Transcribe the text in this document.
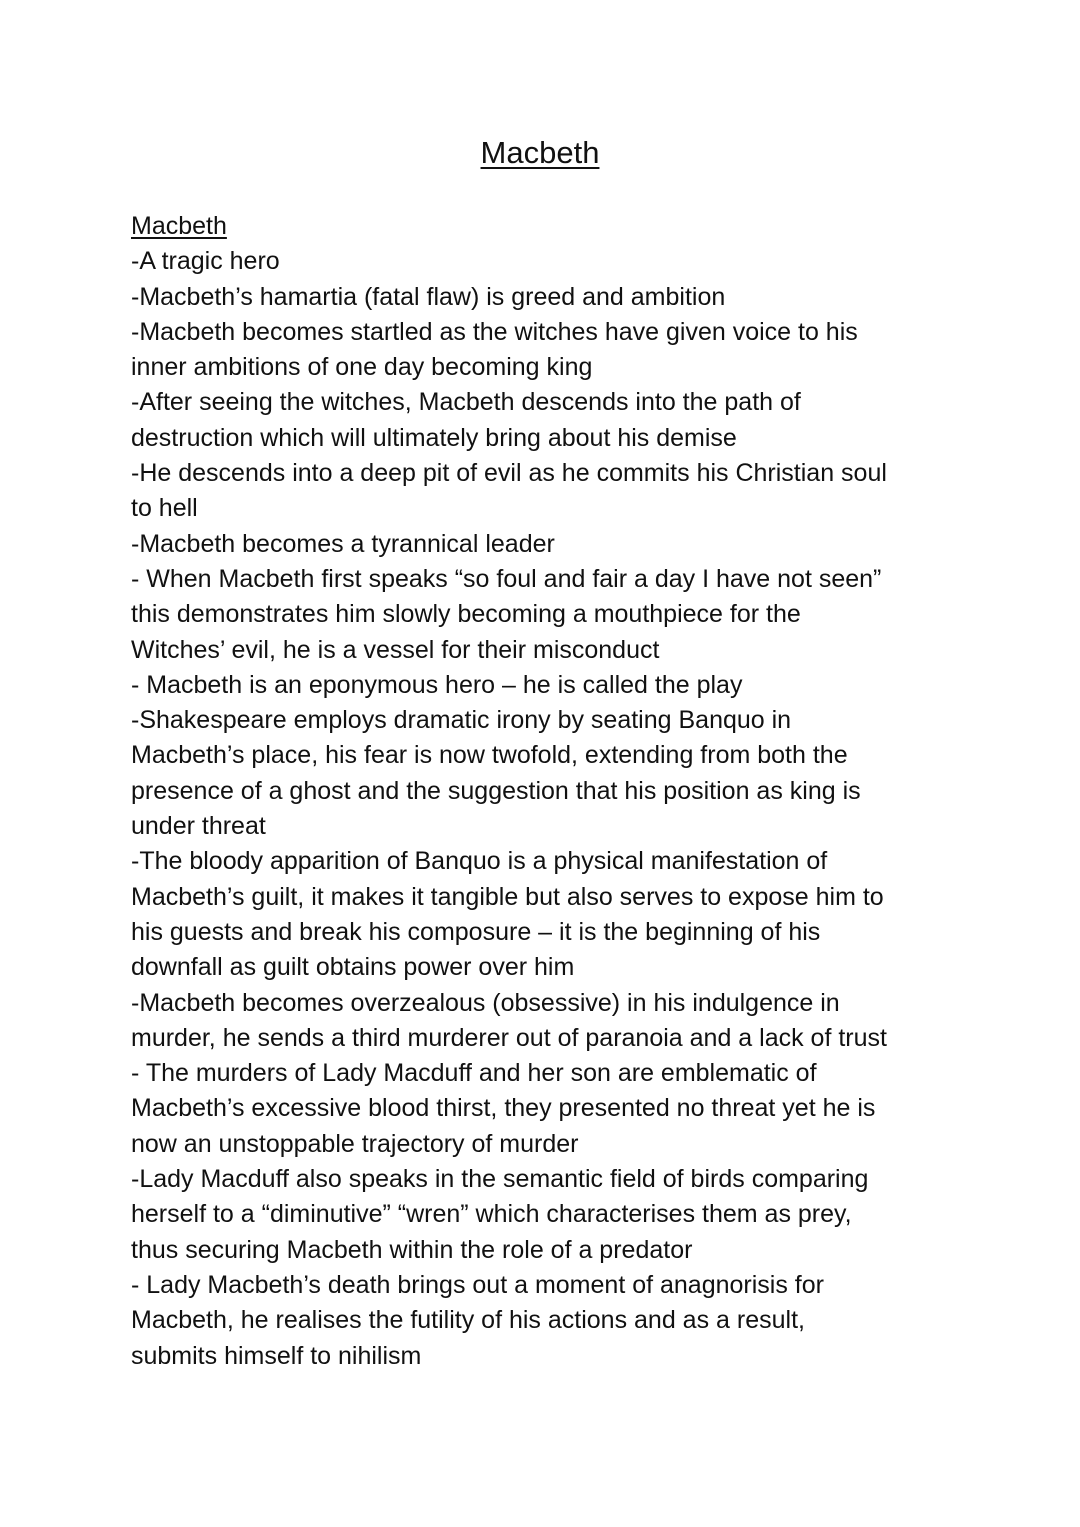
Macbeth
Macbeth
-A tragic hero
-Macbeth’s hamartia (fatal flaw) is greed and ambition
-Macbeth becomes startled as the witches have given voice to his
inner ambitions of one day becoming king
-After seeing the witches, Macbeth descends into the path of
destruction which will ultimately bring about his demise
-He descends into a deep pit of evil as he commits his Christian soul
to hell
-Macbeth becomes a tyrannical leader
- When Macbeth first speaks “so foul and fair a day I have not seen”
this demonstrates him slowly becoming a mouthpiece for the
Witches’ evil, he is a vessel for their misconduct
- Macbeth is an eponymous hero – he is called the play
-Shakespeare employs dramatic irony by seating Banquo in
Macbeth’s place, his fear is now twofold, extending from both the
presence of a ghost and the suggestion that his position as king is
under threat
-The bloody apparition of Banquo is a physical manifestation of
Macbeth’s guilt, it makes it tangible but also serves to expose him to
his guests and break his composure – it is the beginning of his
downfall as guilt obtains power over him
-Macbeth becomes overzealous (obsessive) in his indulgence in
murder, he sends a third murderer out of paranoia and a lack of trust
- The murders of Lady Macduff and her son are emblematic of
Macbeth’s excessive blood thirst, they presented no threat yet he is
now an unstoppable trajectory of murder
-Lady Macduff also speaks in the semantic field of birds comparing
herself to a “diminutive” “wren” which characterises them as prey,
thus securing Macbeth within the role of a predator
- Lady Macbeth’s death brings out a moment of anagnorisis for
Macbeth, he realises the futility of his actions and as a result,
submits himself to nihilism
